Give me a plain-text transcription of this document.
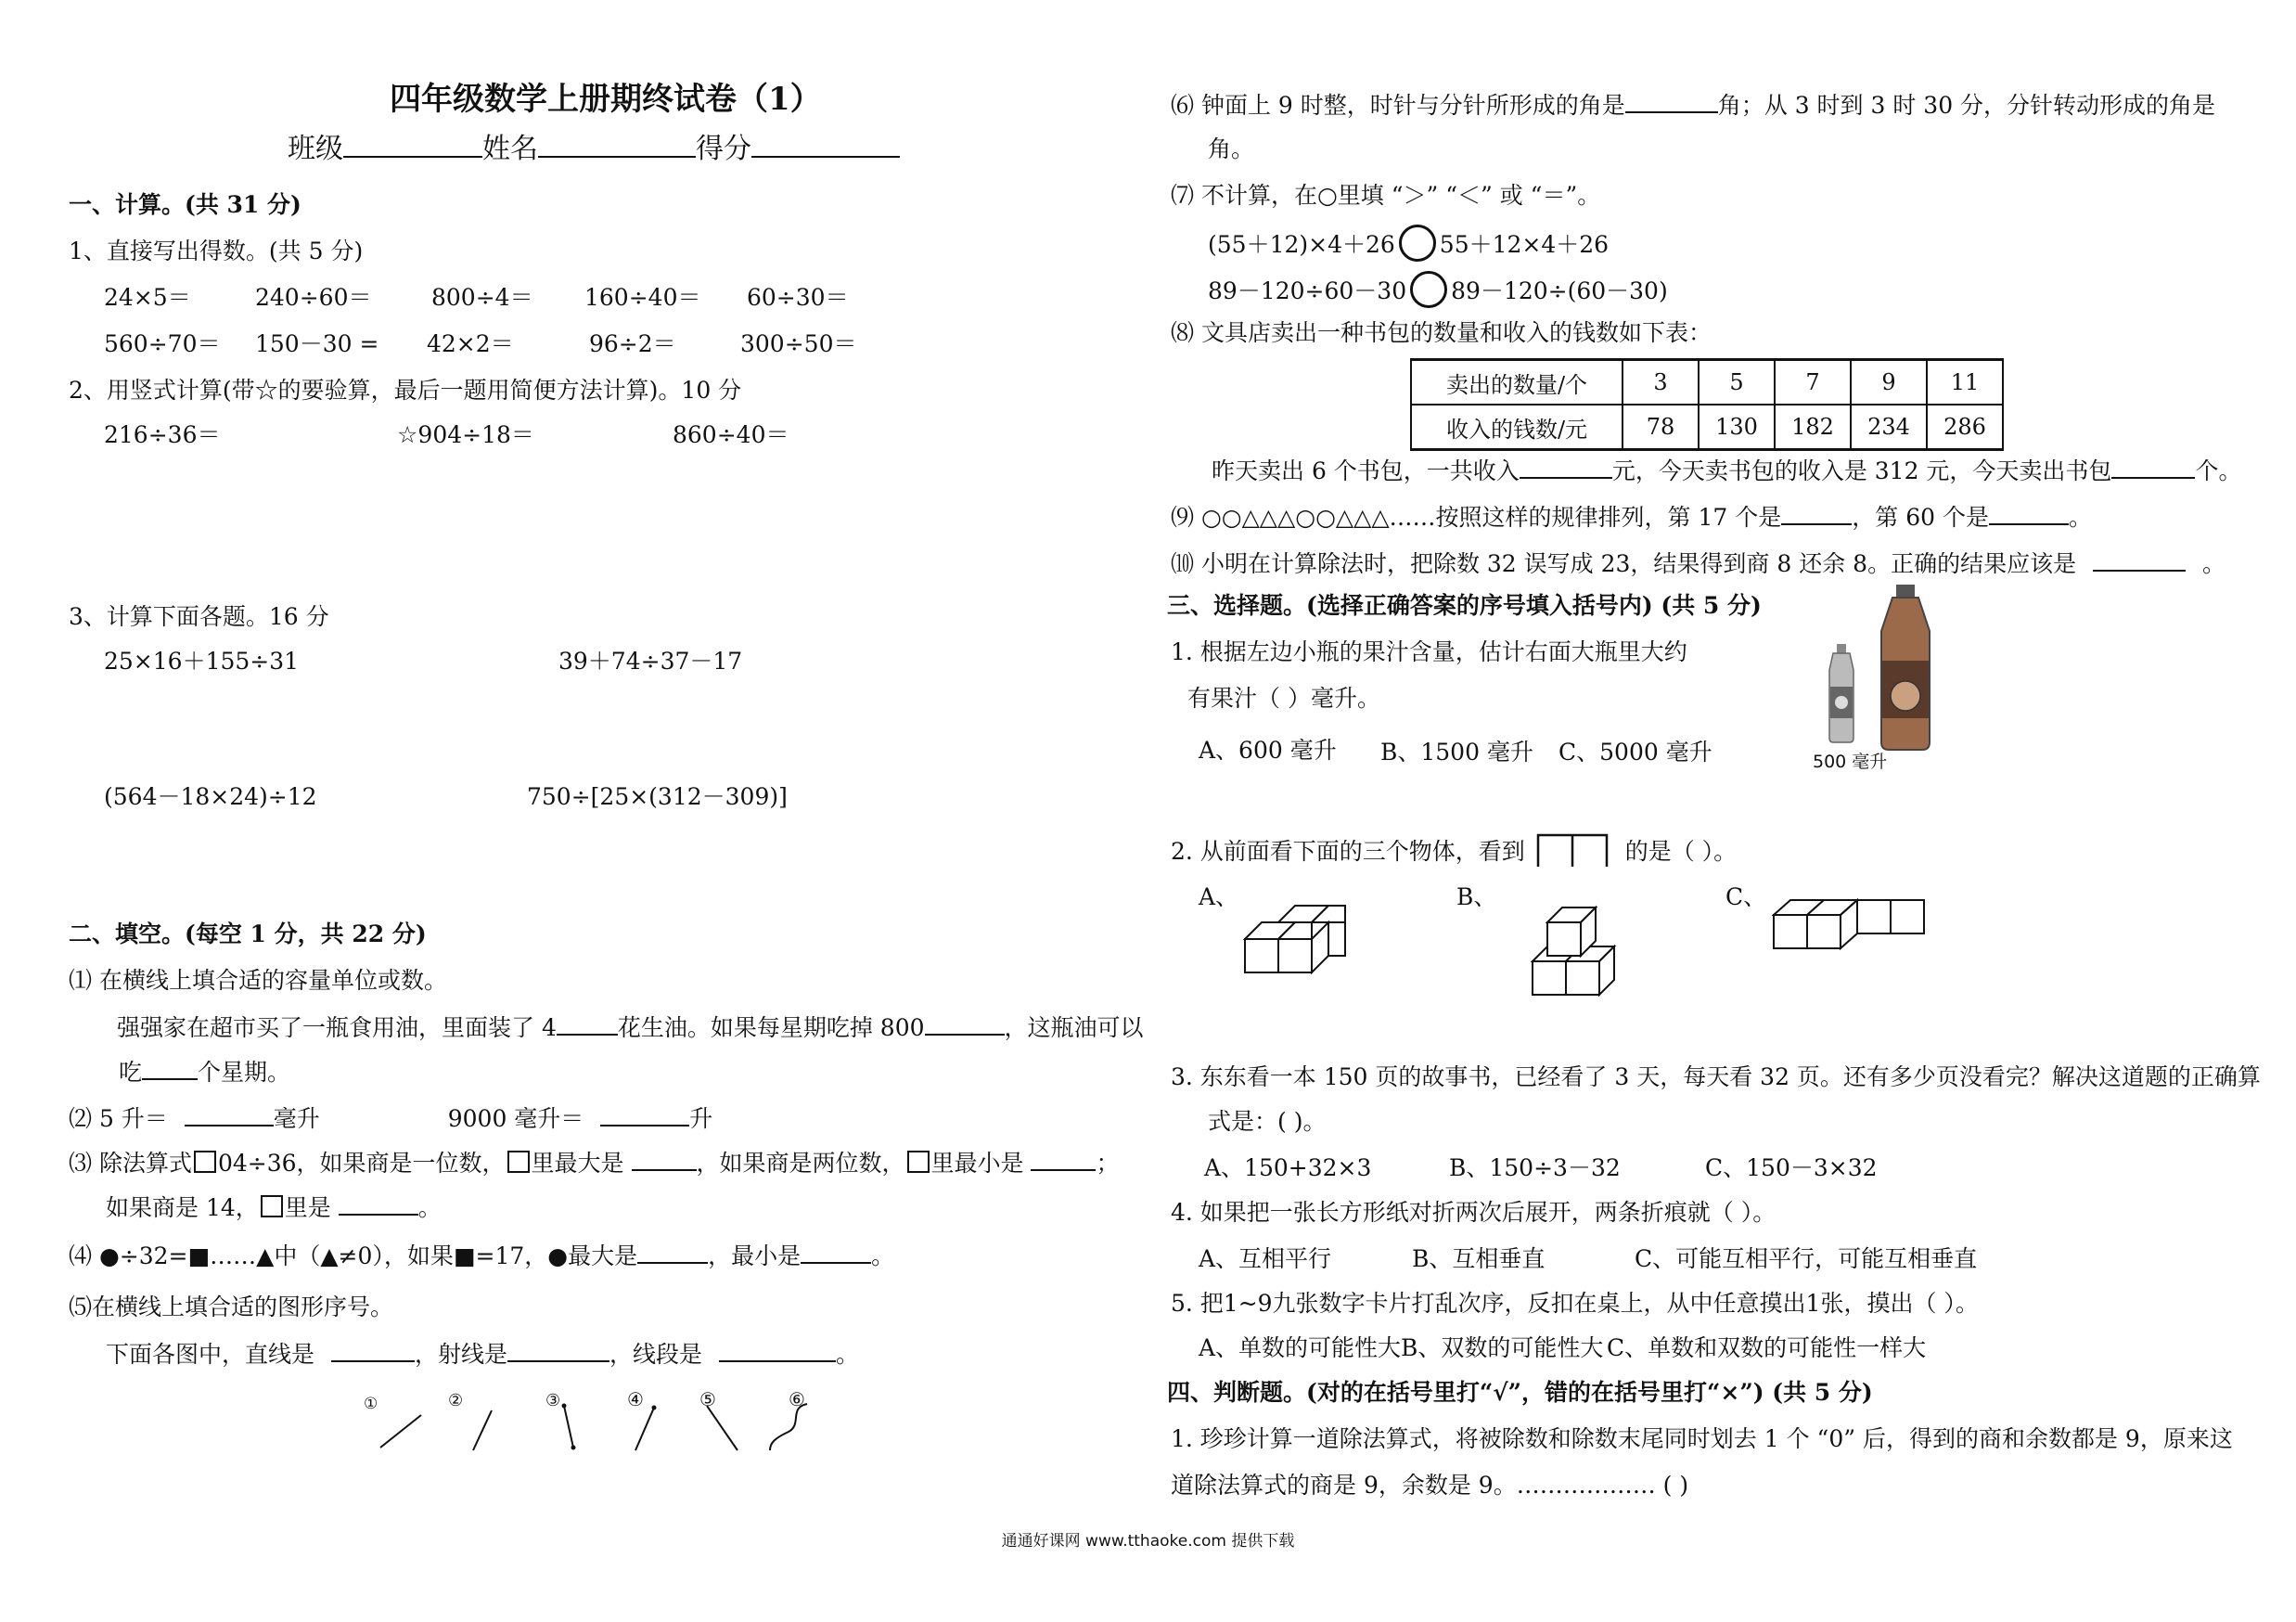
四年级数学上册期终试卷（1）
班级	姓名	得分
一、计算。(共 31 分)
1、直接写出得数。(共 5 分)
24×5＝	240÷60＝	800÷4＝ 160÷40＝ 60÷30＝
560÷70＝ 150－30 = 42×2＝	96÷2＝	300÷50＝
2、用竖式计算(带☆的要验算，最后一题用简便方法计算)。10 分
216÷36＝	☆904÷18＝	860÷40＝
3、计算下面各题。16 分
25×16＋155÷31	39＋74÷37－17
(564－18×24)÷12	750÷[25×(312－309)]
二、填空。(每空 1 分，共 22 分)
⑴ 在横线上填合适的容量单位或数。
强强家在超市买了一瓶食用油，里面装了 4	花生油。如果每星期吃掉 800	，这瓶油可以
吃 个星期。
⑵ 5 升＝	毫升	9000 毫升＝	升
⑶ 除法算式 04÷36，如果商是一位数， 里最大是	，如果商是两位数， 里最小是	；
如果商是 14， 里是	。
⑷ ●÷32=■……▲中（▲≠0），如果■=17，●最大是	，最小是	。
⑸在横线上填合适的图形序号。
下面各图中，直线是	，射线是	，线段是	。
①	②	③	④	⑤	⑥
⑹ 钟面上 9 时整，时针与分针所形成的角是	角；从 3 时到 3 时 30 分，分针转动形成的角是
角。
⑺ 不计算，在○里填 “＞” “＜” 或 “＝”。
(55＋12)×4＋26 55＋12×4＋26
89－120÷60－30 89－120÷(60－30)
⑻ 文具店卖出一种书包的数量和收入的钱数如下表：
卖出的数量/个	3	5	7	9	11
收入的钱数/元	78	130	182	234	286
昨天卖出 6 个书包，一共收入	元，今天卖书包的收入是 312 元，今天卖出书包	个。
⑼ ○○△△△○○△△△……按照这样的规律排列，第 17 个是	，第 60 个是	。
⑽ 小明在计算除法时，把除数 32 误写成 23，结果得到商 8 还余 8。正确的结果应该是	。
三、选择题。(选择正确答案的序号填入括号内) (共 5 分)
1. 根据左边小瓶的果汁含量，估计右面大瓶里大约
有果汁（ ）毫升。
A、600 毫升 B、1500 毫升 C、5000 毫升	500 毫升
2. 从前面看下面的三个物体，看到	的是（ ）。
A、	B、	C、
3. 东东看一本 150 页的故事书，已经看了 3 天，每天看 32 页。还有多少页没看完？解决这道题的正确算
式是：( )。
A、150+32×3	B、150÷3－32	C、150－3×32
4. 如果把一张长方形纸对折两次后展开，两条折痕就（ ）。
A、互相平行	B、互相垂直	C、可能互相平行，可能互相垂直
5. 把1~9九张数字卡片打乱次序，反扣在桌上，从中任意摸出1张，摸出（ ）。
A、单数的可能性大 B、双数的可能性大 C、单数和双数的可能性一样大
四、判断题。(对的在括号里打“√”，错的在括号里打“×”) (共 5 分)
1. 珍珍计算一道除法算式，将被除数和除数末尾同时划去 1 个 “0” 后，得到的商和余数都是 9，原来这
道除法算式的商是 9，余数是 9。……………… ( )
通通好课网 www.tthaoke.com 提供下载
